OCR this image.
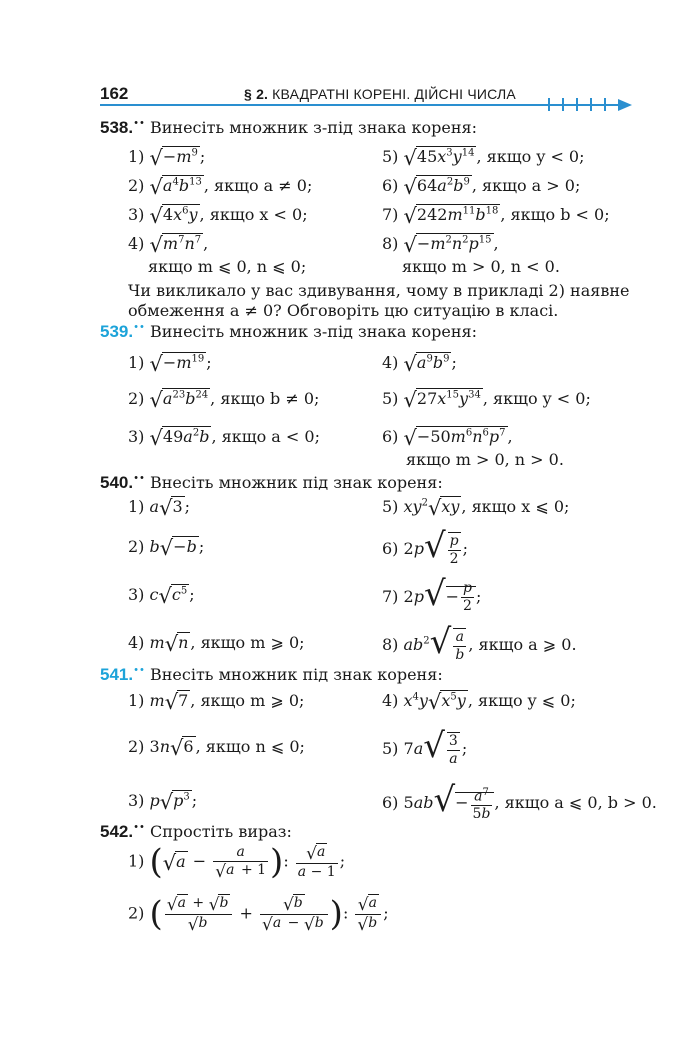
162	§ 2. КВАДРАТНІ КОРЕНІ. ДІЙСНІ ЧИСЛА
538.•• Винесіть множник з-під знака кореня:
1) $√-m^9$ ;
2) $√a^4b^{13}$ , якщо a ≠ 0;
3) $√4x^6y$ , якщо x < 0;
4) $√m^7n^7$ ,
якщо m ⩽ 0, n ⩽ 0;
5) $√45x^3y^{14}$ , якщо y < 0;
6) $√64a^2b^9$ , якщо a > 0;
7) $√242m^{11}b^{18}$ , якщо b < 0;
8) $√-m^2n^2p^{15}$ ,
якщо m > 0, n < 0.
Чи викликало у вас здивування, чому в прикладі 2) наявне обмеження a ≠ 0? Обговоріть цю ситуацію в класі.
539.•• Винесіть множник з-під знака кореня:
1) $√-m^{19}$ ;
2) $√a^{23}b^{24}$ , якщо b ≠ 0;
3) $√49a^2b$ , якщо a < 0;
4) $√a^9b^9$ ;
5) $√27x^{15}y^{34}$ , якщо y < 0;
6) $√-50m^6n^6p^7$ ,
якщо m > 0, n > 0.
540.•• Внесіть множник під знак кореня:
1) a√3 ;
2) b√−b ;
3) $c√c^5$ ;
4) m√n , якщо m ⩾ 0;
5) $xy^2√xy$ , якщо x ⩽ 0;
6) $2p√ \frac{p}{2}$ ;
7) $2p√- \frac{p}{2}$ ;
8) $ab^2√ \frac{a}{b}$ , якщо a ⩾ 0.
541.•• Внесіть множник під знак кореня:
1) m√7 , якщо m ⩾ 0;
2) 3n√6 , якщо n ⩽ 0;
3) $p√p^3$ ;
4) $x^4y√x^5y$ , якщо y ⩽ 0;
5) $7a√ \frac{3}{a}$ ;
6) $5ab√- \frac{a^7}{5b}$ , якщо a ⩽ 0, b > 0.
542.•• Спростіть вираз:
1) ($√a - \frac{a}{√a + 1}$ ): $\frac{√a}{a - 1}$ ;
2) ( $\frac{√a + √b}{√b} + \frac{√b}{√a - √b}$ ): $\frac{√a}{√b}$ ;
